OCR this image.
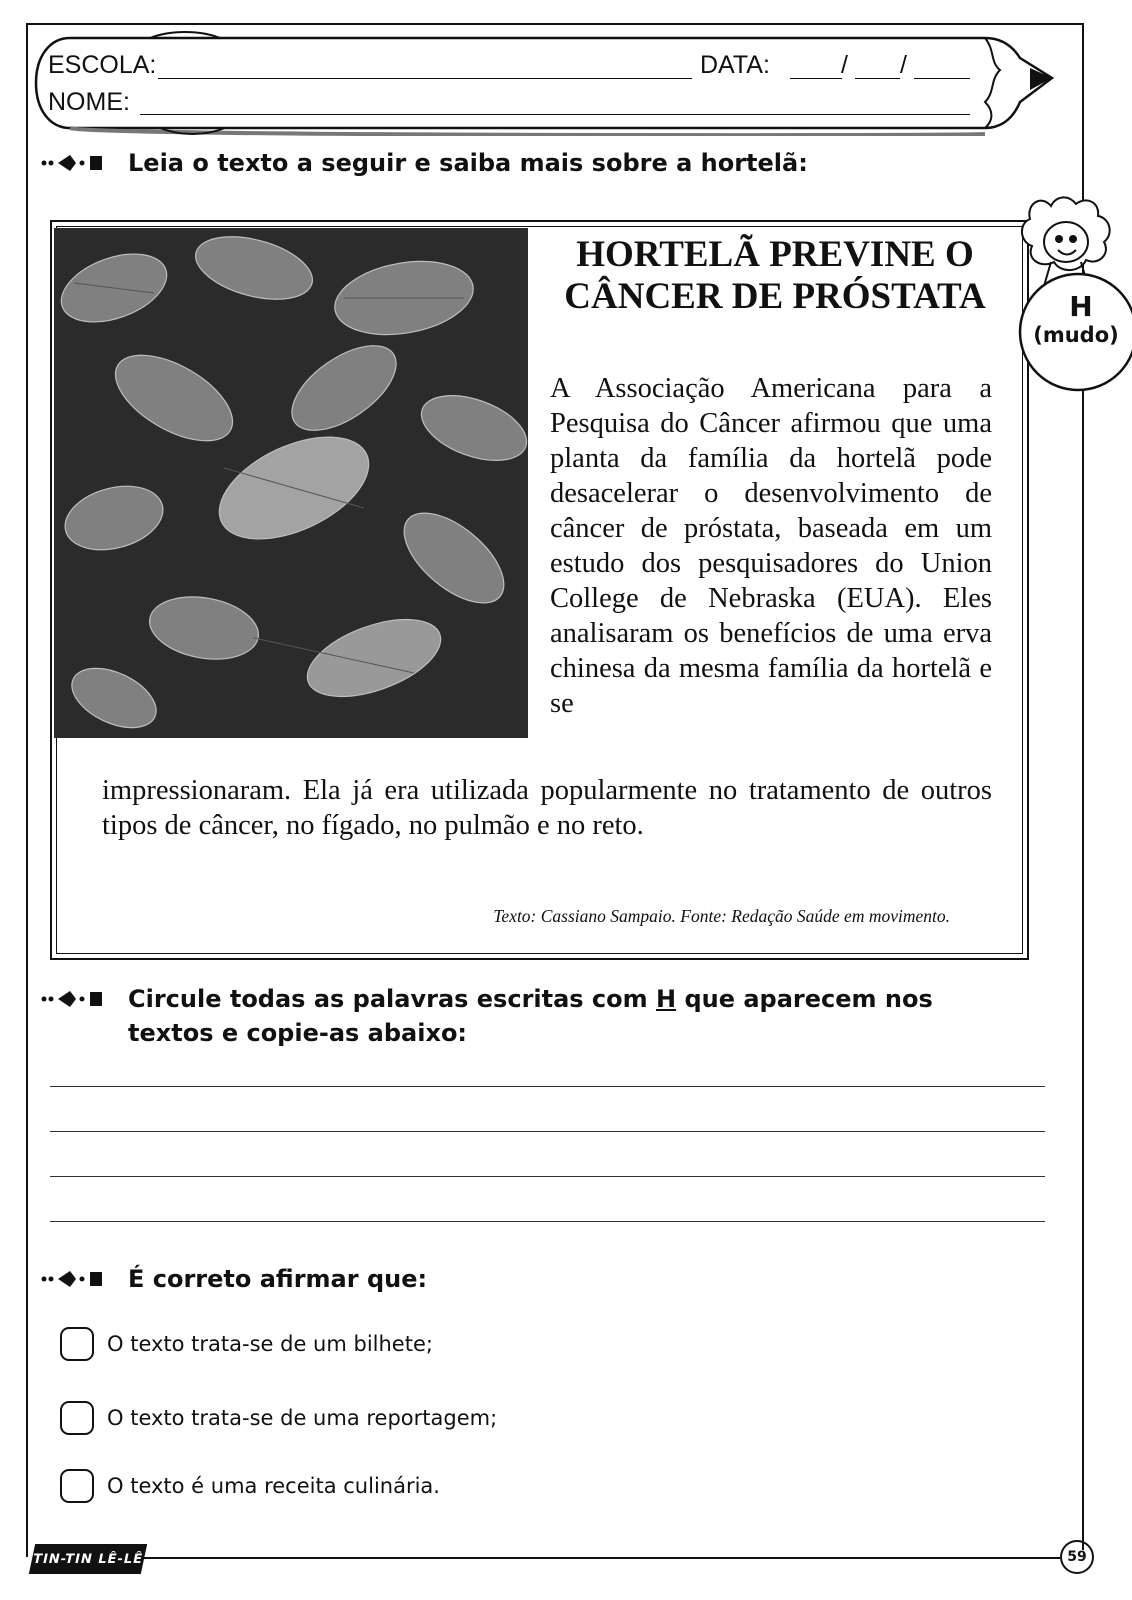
ESCOLA:	DATA:	/ /
NOME:
Leia o texto a seguir e saiba mais sobre a hortelã:
HORTELÃ PREVINE O
CÂNCER DE PRÓSTATA
A Associação Americana para a Pesquisa do Câncer afirmou que uma planta da família da hortelã pode desacelerar o desenvolvimento de câncer de próstata, baseada em um estudo dos pesquisadores do Union College de Nebraska (EUA). Eles analisaram os benefícios de uma erva chinesa da mesma família da hortelã e se
impressionaram. Ela já era utilizada popularmente no tratamento de outros tipos de câncer, no fígado, no pulmão e no reto.
Texto: Cassiano Sampaio. Fonte: Redação Saúde em movimento.
H
(mudo)
Circule todas as palavras escritas com H que aparecem nos
textos e copie-as abaixo:
É correto afirmar que:
O texto trata-se de um bilhete;
O texto trata-se de uma reportagem;
O texto é uma receita culinária.
TIN-TIN LÊ-LÊ	59
